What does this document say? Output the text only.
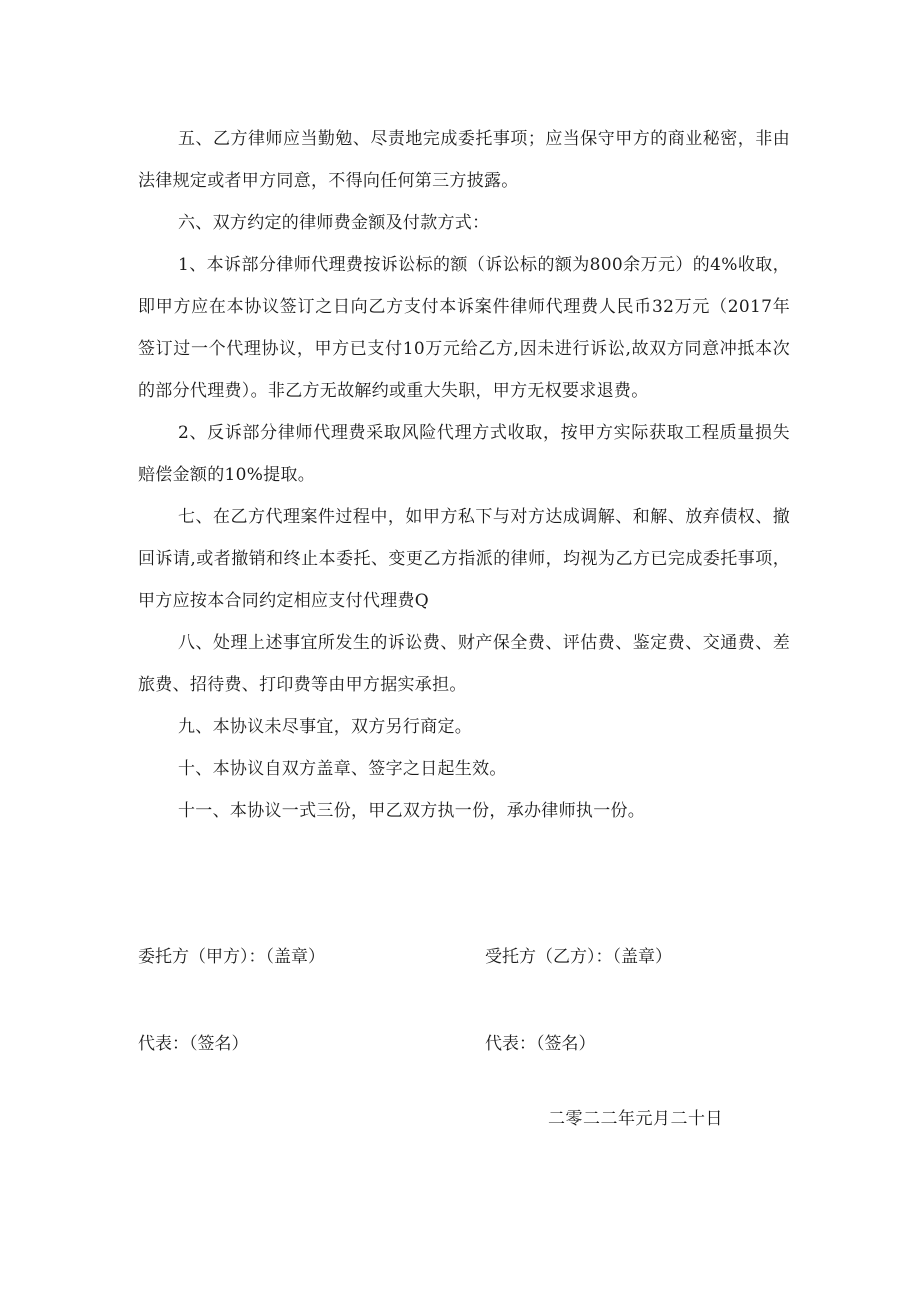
五、乙方律师应当勤勉、尽责地完成委托事项；应当保守甲方的商业秘密，非由法律规定或者甲方同意，不得向任何第三方披露。

六、双方约定的律师费金额及付款方式：

1、本诉部分律师代理费按诉讼标的额（诉讼标的额为800余万元）的4%收取，即甲方应在本协议签订之日向乙方支付本诉案件律师代理费人民币32万元（2017年签订过一个代理协议，甲方已支付10万元给乙方,因未进行诉讼,故双方同意冲抵本次的部分代理费）。非乙方无故解约或重大失职，甲方无权要求退费。

2、反诉部分律师代理费采取风险代理方式收取，按甲方实际获取工程质量损失赔偿金额的10%提取。

七、在乙方代理案件过程中，如甲方私下与对方达成调解、和解、放弃债权、撤回诉请,或者撤销和终止本委托、变更乙方指派的律师，均视为乙方已完成委托事项，甲方应按本合同约定相应支付代理费Q

八、处理上述事宜所发生的诉讼费、财产保全费、评估费、鉴定费、交通费、差旅费、招待费、打印费等由甲方据实承担。

九、本协议未尽事宜，双方另行商定。

十、本协议自双方盖章、签字之日起生效。

十一、本协议一式三份，甲乙双方执一份，承办律师执一份。

委托方（甲方）：（盖章）	受托方（乙方）：（盖章）
代表：（签名）	代表：（签名）
二零二二年元月二十日
